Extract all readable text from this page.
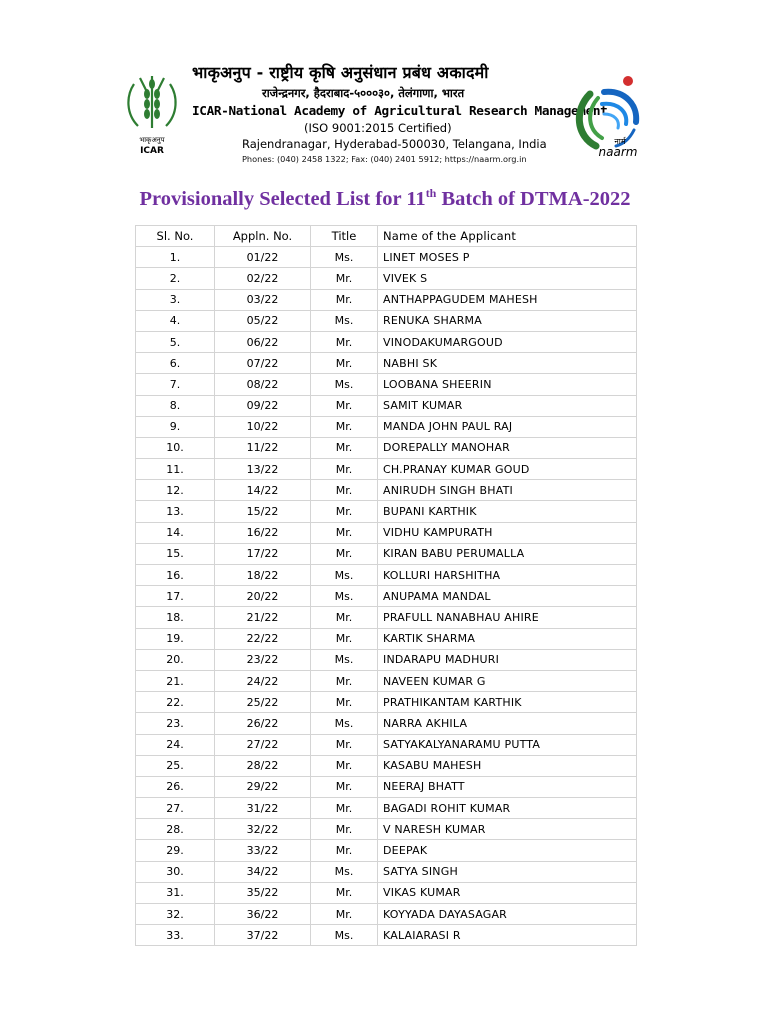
भाकृअनुप
ICAR
भाकृअनुप - राष्ट्रीय कृषि अनुसंधान प्रबंध अकादमी
राजेन्द्रनगर, हैदराबाद-५०००३०, तेलंगाणा, भारत
ICAR-National Academy of Agricultural Research Management
(ISO 9001:2015 Certified)
Rajendranagar, Hyderabad-500030, Telangana, India
Phones: (040) 2458 1322; Fax: (040) 2401 5912; https://naarm.org.in
नार्म
naarm
Provisionally Selected List for 11th Batch of DTMA-2022
Sl. No.	Appln. No.	Title	Name of the Applicant
1.	01/22	Ms.	LINET MOSES P
2.	02/22	Mr.	VIVEK S
3.	03/22	Mr.	ANTHAPPAGUDEM MAHESH
4.	05/22	Ms.	RENUKA SHARMA
5.	06/22	Mr.	VINODAKUMARGOUD
6.	07/22	Mr.	NABHI SK
7.	08/22	Ms.	LOOBANA SHEERIN
8.	09/22	Mr.	SAMIT KUMAR
9.	10/22	Mr.	MANDA JOHN PAUL RAJ
10.	11/22	Mr.	DOREPALLY MANOHAR
11.	13/22	Mr.	CH.PRANAY KUMAR GOUD
12.	14/22	Mr.	ANIRUDH SINGH BHATI
13.	15/22	Mr.	BUPANI KARTHIK
14.	16/22	Mr.	VIDHU KAMPURATH
15.	17/22	Mr.	KIRAN BABU PERUMALLA
16.	18/22	Ms.	KOLLURI HARSHITHA
17.	20/22	Ms.	ANUPAMA MANDAL
18.	21/22	Mr.	PRAFULL NANABHAU AHIRE
19.	22/22	Mr.	KARTIK SHARMA
20.	23/22	Ms.	INDARAPU MADHURI
21.	24/22	Mr.	NAVEEN KUMAR G
22.	25/22	Mr.	PRATHIKANTAM KARTHIK
23.	26/22	Ms.	NARRA AKHILA
24.	27/22	Mr.	SATYAKALYANARAMU PUTTA
25.	28/22	Mr.	KASABU MAHESH
26.	29/22	Mr.	NEERAJ BHATT
27.	31/22	Mr.	BAGADI ROHIT KUMAR
28.	32/22	Mr.	V NARESH KUMAR
29.	33/22	Mr.	DEEPAK
30.	34/22	Ms.	SATYA SINGH
31.	35/22	Mr.	VIKAS KUMAR
32.	36/22	Mr.	KOYYADA DAYASAGAR
33.	37/22	Ms.	KALAIARASI R
